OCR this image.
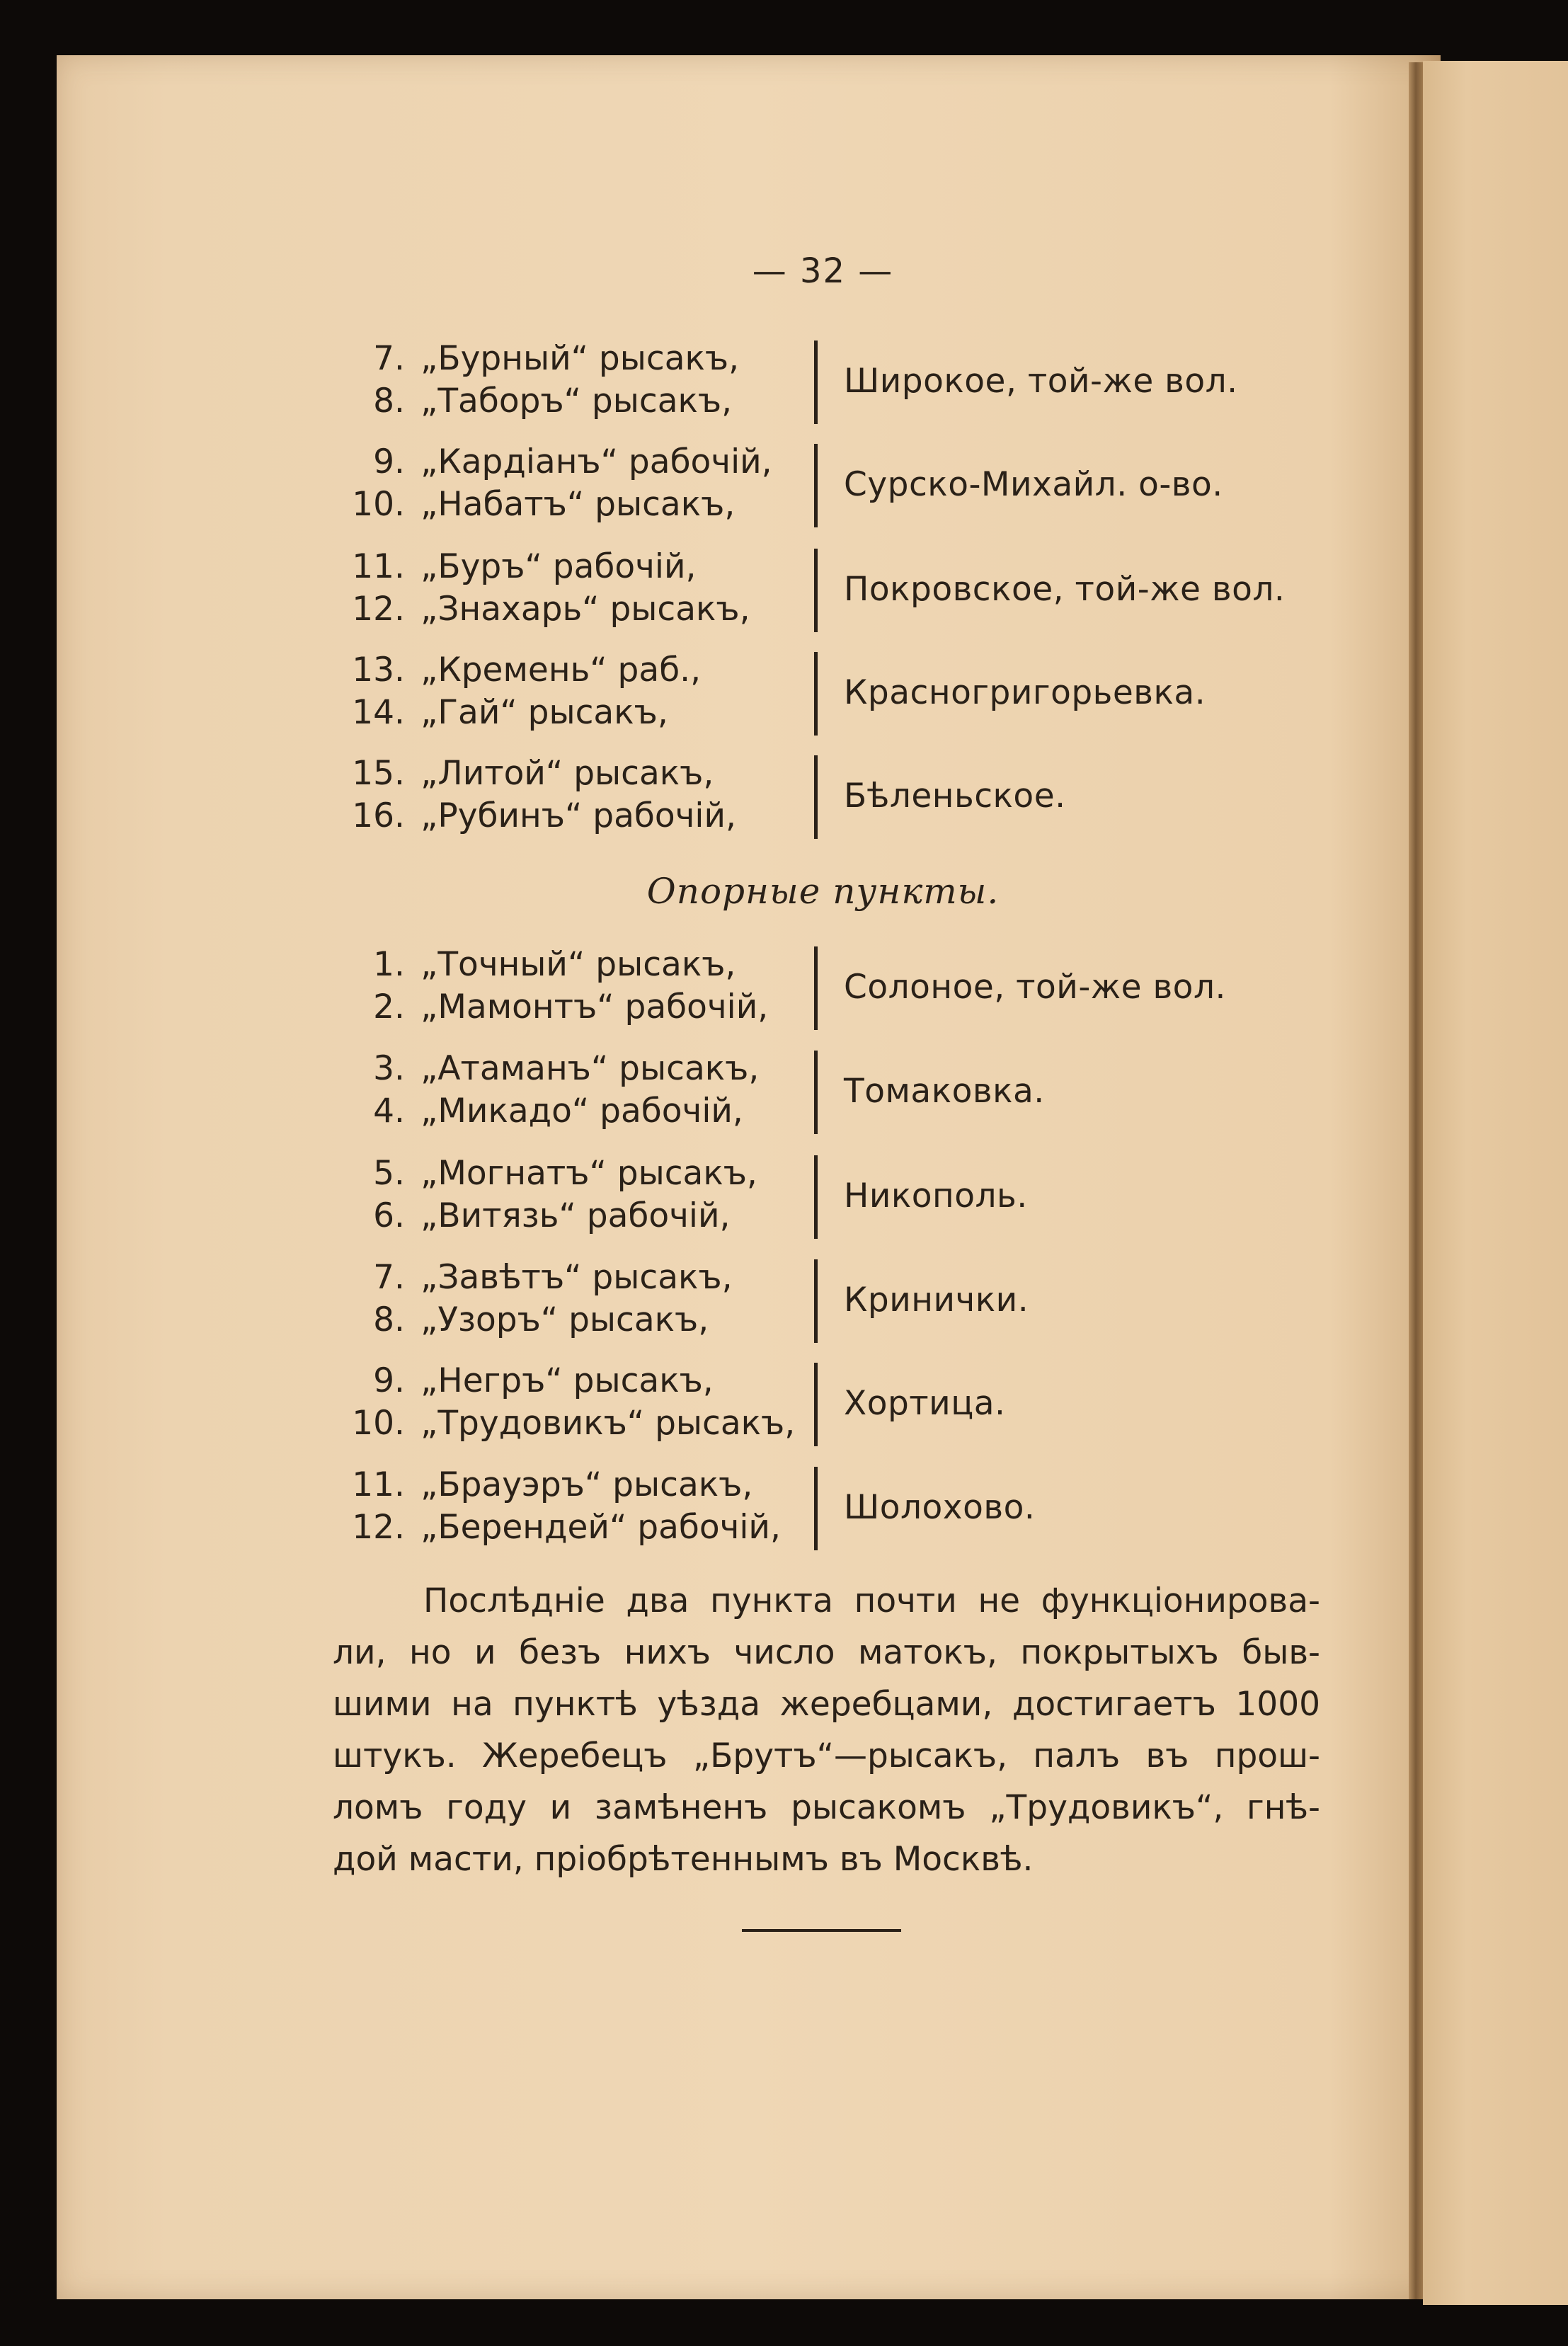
— 32 —
7. „Бурный“ рысакъ,
8. „Таборъ“ рысакъ,
Широкое, той-же вол.
9. „Кардіанъ“ рабочій,
10. „Набатъ“ рысакъ,
Сурско-Михайл. о-во.
11. „Буръ“ рабочій,
12. „Знахарь“ рысакъ,
Покровское, той-же вол.
13. „Кремень“ раб.,
14. „Гай“ рысакъ,
Красногригорьевка.
15. „Литой“ рысакъ,
16. „Рубинъ“ рабочій,
Бѣленьское.
Опорные пункты.
1. „Точный“ рысакъ,
2. „Мамонтъ“ рабочій,
Солоное, той-же вол.
3. „Атаманъ“ рысакъ,
4. „Микадо“ рабочій,
Томаковка.
5. „Могнатъ“ рысакъ,
6. „Витязь“ рабочій,
Никополь.
7. „Завѣтъ“ рысакъ,
8. „Узоръ“ рысакъ,
Кринички.
9. „Негръ“ рысакъ,
10. „Трудовикъ“ рысакъ,
Хортица.
11. „Брауэръ“ рысакъ,
12. „Берендей“ рабочій,
Шолохово.
Послѣдніе два пункта почти не функціонирова-
ли, но и безъ нихъ число матокъ, покрытыхъ быв-
шими на пунктѣ уѣзда жеребцами, достигаетъ 1000
штукъ. Жеребецъ „Брутъ“—рысакъ, палъ въ прош-
ломъ году и замѣненъ рысакомъ „Трудовикъ“, гнѣ-
дой масти, пріобрѣтеннымъ въ Москвѣ.
